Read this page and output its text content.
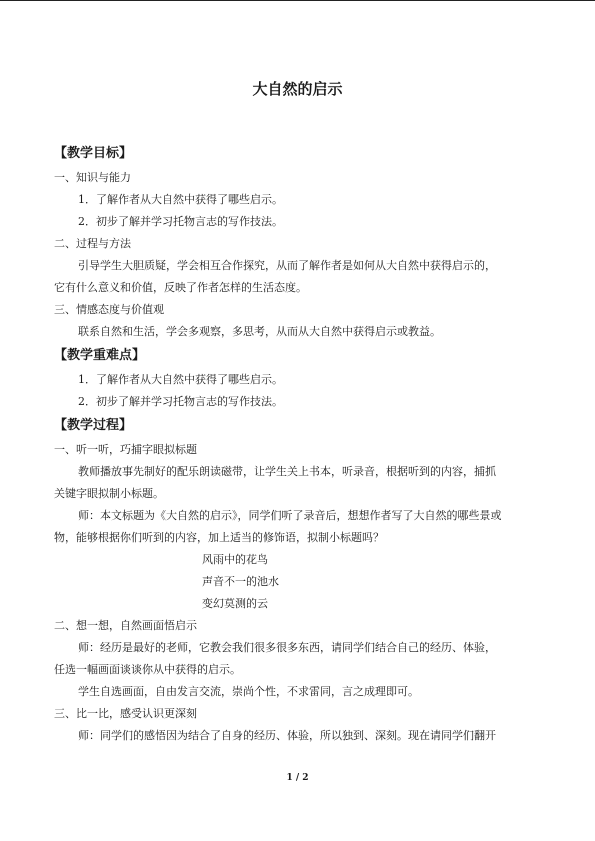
大自然的启示

【教学目标】

一、知识与能力

1．了解作者从大自然中获得了哪些启示。

2．初步了解并学习托物言志的写作技法。

二、过程与方法

引导学生大胆质疑，学会相互合作探究，从而了解作者是如何从大自然中获得启示的，

它有什么意义和价值，反映了作者怎样的生活态度。

三、情感态度与价值观

联系自然和生活，学会多观察，多思考，从而从大自然中获得启示或教益。

【教学重难点】

1．了解作者从大自然中获得了哪些启示。

2．初步了解并学习托物言志的写作技法。

【教学过程】

一、听一听，巧捕字眼拟标题

教师播放事先制好的配乐朗读磁带，让学生关上书本，听录音，根据听到的内容，捕抓

关键字眼拟制小标题。

师：本文标题为《大自然的启示》，同学们听了录音后，想想作者写了大自然的哪些景或

物，能够根据你们听到的内容，加上适当的修饰语，拟制小标题吗？

风雨中的花鸟

声音不一的池水

变幻莫测的云

二、想一想，自然画面悟启示

师：经历是最好的老师，它教会我们很多很多东西，请同学们结合自己的经历、体验，

任选一幅画面谈谈你从中获得的启示。

学生自选画面，自由发言交流，崇尚个性，不求雷同，言之成理即可。

三、比一比，感受认识更深刻

师：同学们的感悟因为结合了自身的经历、体验，所以独到、深刻。现在请同学们翻开

1 / 2
